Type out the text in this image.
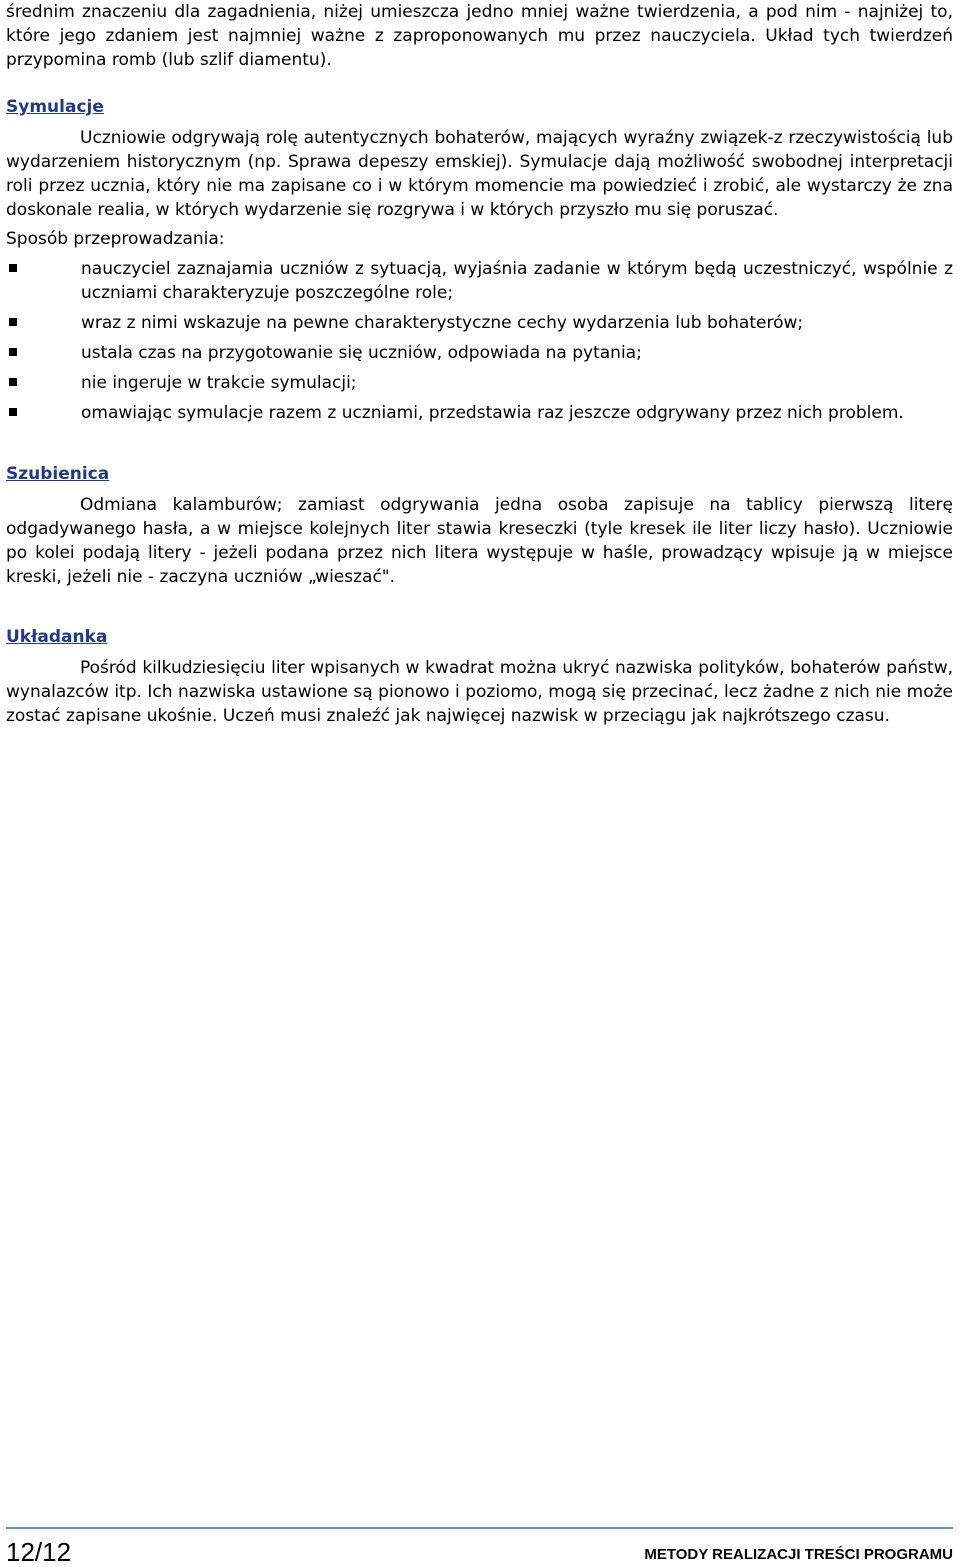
średnim znaczeniu dla zagadnienia, niżej umieszcza jedno mniej ważne twierdzenia, a pod nim - najniżej to, które jego zdaniem jest najmniej ważne z zaproponowanych mu przez nauczyciela. Układ tych twierdzeń przypomina romb (lub szlif diamentu).

Symulacje

Uczniowie odgrywają rolę autentycznych bohaterów, mających wyraźny związek-z rzeczywistością lub wydarzeniem historycznym (np. Sprawa depeszy emskiej). Symulacje dają możliwość swobodnej interpretacji roli przez ucznia, który nie ma zapisane co i w którym momencie ma powiedzieć i zrobić, ale wystarczy że zna doskonale realia, w których wydarzenie się rozgrywa i w których przyszło mu się poruszać.

Sposób przeprowadzania:

nauczyciel zaznajamia uczniów z sytuacją, wyjaśnia zadanie w którym będą uczestniczyć, wspólnie z uczniami charakteryzuje poszczególne role;
wraz z nimi wskazuje na pewne charakterystyczne cechy wydarzenia lub bohaterów;
ustala czas na przygotowanie się uczniów, odpowiada na pytania;
nie ingeruje w trakcie symulacji;
omawiając symulacje razem z uczniami, przedstawia raz jeszcze odgrywany przez nich problem.
Szubienica

Odmiana kalamburów; zamiast odgrywania jedna osoba zapisuje na tablicy pierwszą literę odgadywanego hasła, a w miejsce kolejnych liter stawia kreseczki (tyle kresek ile liter liczy hasło). Uczniowie po kolei podają litery - jeżeli podana przez nich litera występuje w haśle, prowadzący wpisuje ją w miejsce kreski, jeżeli nie - zaczyna uczniów „wieszać".

Układanka

Pośród kilkudziesięciu liter wpisanych w kwadrat można ukryć nazwiska polityków, bohaterów państw, wynalazców itp. Ich nazwiska ustawione są pionowo i poziomo, mogą się przecinać, lecz żadne z nich nie może zostać zapisane ukośnie. Uczeń musi znaleźć jak najwięcej nazwisk w przeciągu jak najkrótszego czasu.

12/12	METODY REALIZACJI TREŚCI PROGRAMU
